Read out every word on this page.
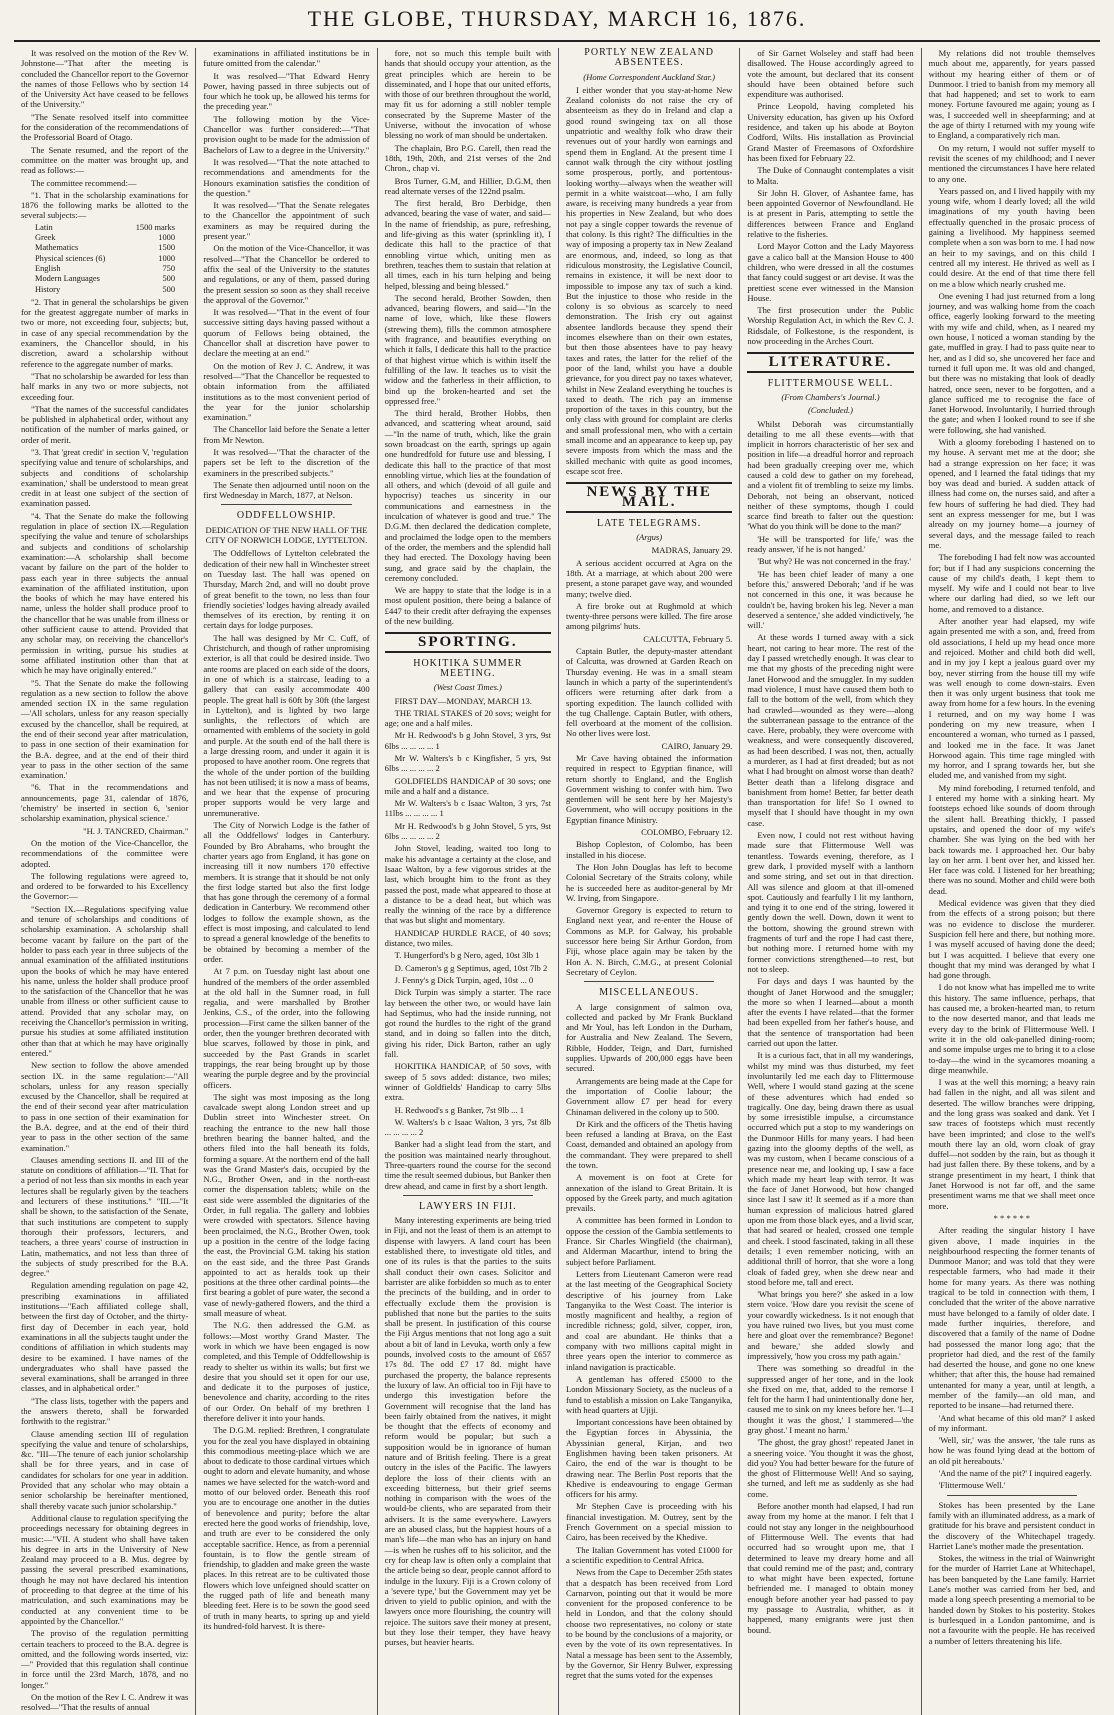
THE GLOBE, THURSDAY, MARCH 16, 1876.

It was resolved on the motion of the Rev W. Johnstone—"That after the meeting is concluded the Chancellor report to the Governor the names of those Fellows who by section 14 of the University Act have ceased to be fellows of the University."

"The Senate resolved itself into committee for the consideration of the recommendations of the Professorial Board of Otago.

The Senate resumed, and the report of the committee on the matter was brought up, and read as follows:—

The committee recommend:—

"1. That in the scholarship examinations for 1876 the following marks be allotted to the several subjects:—

Latin	1500 marks
Greek	1000
Mathematics	1500
Physical sciences (6)	1000
English	750
Modern Languages	500
History	500

"2. That in general the scholarships be given for the greatest aggregate number of marks in two or more, not exceeding four, subjects; but, in case of any special recommendation by the examiners, the Chancellor should, in his discretion, award a scholarship without reference to the aggregate number of marks.

"That no scholarship be awarded for less than half marks in any two or more subjects, not exceeding four.

"That the names of the successful candidates be published in alphabetical order, without any notification of the number of marks gained, or order of merit.

"3. That 'great credit' in section V, 'regulation specifying value and tenure of scholarships, and subjects and conditions of scholarship examination,' shall be understood to mean great credit in at least one subject of the section of examination passed.

"4. That the Senate do make the following regulation in place of section IX.—Regulation specifying the value and tenure of scholarships and subjects and conditions of scholarship examination:—A scholarship shall become vacant by failure on the part of the holder to pass each year in three subjects the annual examination of the affiliated institution, upon the books of which he may have entered his name, unless the holder shall produce proof to the chancellor that he was unable from illness or other sufficient cause to attend. Provided that any scholar may, on receiving the chancellor's permission in writing, pursue his studies at some affiliated institution other than that at which he may have originally entered."

"5. That the Senate do make the following regulation as a new section to follow the above amended section IX in the same regulation—'All scholars, unless for any reason specially excused by the chancellor, shall be required, at the end of their second year after matriculation, to pass in one section of their examination for the B.A. degree, and at the end of their third year to pass in the other section of the same examination.'

"6. That in the recommendations and announcements, page 31, calendar of 1876, 'chemistry' be inserted in section 6, 'senior scholarship examination, physical science.'

"H. J. TANCRED, Chairman."

On the motion of the Vice-Chancellor, the recommendations of the committee were adopted.

The following regulations were agreed to, and ordered to be forwarded to his Excellency the Governor:—

"Section IX.—Regulations specifying value and tenure of scholarships and conditions of scholarship examination. A scholarship shall become vacant by failure on the part of the holder to pass each year in three subjects of the annual examination of the affiliated institutions upon the books of which he may have entered his name, unless the holder shall produce proof to the satisfaction of the Chancellor that he was unable from illness or other sufficient cause to attend. Provided that any scholar may, on receiving the Chancellor's permission in writing, pursue his studies at some affiliated institution other than that at which he may have originally entered."

New section to follow the above amended section IX. in the same regulation:—"All scholars, unless for any reason specially excused by the Chancellor, shall be required at the end of their second year after matriculation to pass in one section of their examination for the B.A. degree, and at the end of their third year to pass in the other section of the same examination."

Clauses amending sections II. and III of the statute on conditions of affiliation—"II. That for a period of not less than six months in each year lectures shall be regularly given by the teachers and lecturers of these institutions." "III.—"It shall be shown, to the satisfaction of the Senate, that such institutions are competent to supply thorough their professors, lecturers, and teachers, a three years' course of instruction in Latin, mathematics, and not less than three of the subjects of study prescribed for the B.A. degree."

Regulation amending regulation on page 42, prescribing examinations in affiliated institutions—"Each affiliated college shall, between the first day of October, and the thirty-first day of December in each year, hold examinations in all the subjects taught under the conditions of affiliation in which students may desire to be examined. I have names of the undergraduates who shall have passed the several examinations, shall be arranged in three classes, and in alphabetical order."

"The class lists, together with the papers and the answers thereto, shall be forwarded forthwith to the registrar."

Clause amending section III of regulation specifying the value and tenure of scholarships, &c. "III—The tenure of each junior scholarship shall be for three years, and in case of candidates for scholars for one year in addition. Provided that any scholar who may obtain a senior scholarship be hereinafter mentioned, shall thereby vacate such junior scholarship."

Additional clause to regulation specifying the proceedings necessary for obtaining degrees in music:—"VII. A student who shall have taken his degree in arts in the University of New Zealand may proceed to a B. Mus. degree by passing the several prescribed examinations, though he may not have declared his intention of proceeding to that degree at the time of his matriculation, and such examinations may be conducted at any convenient time to be appointed by the Chancellor."

The proviso of the regulation permitting certain teachers to proceed to the B.A. degree is omitted, and the following words inserted, viz:—" Provided that this regulation shall continue in force until the 23rd March, 1878, and no longer."

On the motion of the Rev I. C. Andrew it was resolved—"That the results of annual

examinations in affiliated institutions be in future omitted from the calendar."

It was resolved—"That Edward Henry Power, having passed in three subjects out of four which he took up, be allowed his terms for the preceding year."

The following motion by the Vice-Chancellor was further considered:—"That provision ought to be made for the admission of Bachelors of Law to a degree in the University."

It was resolved—"That the note attached to recommendations and amendments for the Honours examination satisfies the condition of the question."

It was resolved—"That the Senate relegates to the Chancellor the appointment of such examiners as may be required during the present year."

On the motion of the Vice-Chancellor, it was resolved—"That the Chancellor be ordered to affix the seal of the University to the statutes and regulations, or any of them, passed during the present session so soon as they shall receive the approval of the Governor."

It was resolved—"That in the event of four successive sitting days having passed without a quorum of Fellows being obtained, the Chancellor shall at discretion have power to declare the meeting at an end."

On the motion of Rev J. C. Andrew, it was resolved—"That the Chancellor be requested to obtain information from the affiliated institutions as to the most convenient period of the year for the junior scholarship examination."

The Chancellor laid before the Senate a letter from Mr Newton.

It was resolved—"That the character of the papers set be left to the discretion of the examiners in the prescribed subjects."

The Senate then adjourned until noon on the first Wednesday in March, 1877, at Nelson.

ODDFELLOWSHIP.
DEDICATION OF THE NEW HALL OF THE CITY OF NORWICH LODGE, LYTTELTON.

The Oddfellows of Lyttelton celebrated the dedication of their new hall in Winchester street on Tuesday last. The hall was opened on Thursday, March 2nd, and will no doubt prove of great benefit to the town, no less than four friendly societies' lodges having already availed themselves of its erection, by renting it on certain days for lodge purposes.

The hall was designed by Mr C. Cuff, of Christchurch, and though of rather unpromising exterior, is all that could be desired inside. Two ante rooms are placed on each side of the doors, in one of which is a staircase, leading to a gallery that can easily accommodate 400 people. The great hall is 60ft by 30ft (the largest in Lyttelton), and is lighted by two large sunlights, the reflectors of which are ornamented with emblems of the society in gold and purple. At the south end of the hall there is a large dressing room, and under it again it is proposed to have another room. One regrets that the whole of the under portion of the building has not been utilised; it is now a mass of beams, and we hear that the expense of procuring proper supports would be very large and unremunerative.

The City of Norwich Lodge is the father of all the Oddfellows' lodges in Canterbury. Founded by Bro Abrahams, who brought the charter years ago from England, it has gone on increasing till it now numbers 170 effective members. It is strange that it should be not only the first lodge started but also the first lodge that has gone through the ceremony of a formal dedication in Canterbury. We recommend other lodges to follow the example shown, as the effect is most imposing, and calculated to lend to spread a general knowledge of the benefits to be obtained by becoming a member of the order.

At 7 p.m. on Tuesday night last about one hundred of the members of the order assembled at the old hall in the Sumner road, in full regalia, and were marshalled by Brother Jenkins, C.S., of the order, into the following procession—First came the silken banner of the order, then the younger brethren decorated with blue scarves, followed by those in pink, and succeeded by the Past Grands in scarlet trappings, the rear being brought up by those wearing the purple degree and by the provincial officers.

The sight was most imposing as the long cavalcade swept along London street and up Dublin street into Winchester street. On reaching the entrance to the new hall those brethren bearing the banner halted, and the others filed into the hall beneath its folds, forming a square. At the northern end of the hall was the Grand Master's dais, occupied by the N.G., Brother Owen, and in the north-east corner the dispensation tablets; while on the east side were assembled the dignitaries of the Order, in full regalia. The gallery and lobbies were crowded with spectators. Silence having been proclaimed, the N.G., Brother Owen, took up a position in the centre of the lodge facing the east, the Provincial G.M. taking his station on the east side, and the three Past Grands appointed to act as heralds took up their positions at the three other cardinal points—the first bearing a goblet of pure water, the second a vase of newly-gathered flowers, and the third a small measure of wheat.

The N.G. then addressed the G.M. as follows:—Most worthy Grand Master. The work in which we have been engaged is now completed, and this Temple of Oddfellowship is ready to shelter us within its walls; but first we desire that you should set it open for our use, and dedicate it to the purposes of justice, benevolence and charity, according to the rites of our Order. On behalf of my brethren I therefore deliver it into your hands.

The D.G.M. replied: Brethren, I congratulate you for the zeal you have displayed in obtaining this commodious meeting-place which we are about to dedicate to those cardinal virtues which ought to adorn and elevate humanity, and whose names we have selected for the watch-word and motto of our beloved order. Beneath this roof you are to encourage one another in the duties of benevolence and purity; before the altar erected here the good works of friendship, love, and truth are ever to be considered the only acceptable sacrifice. Hence, as from a perennial fountain, is to flow the gentle stream of friendship, to gladden and make green the waste places. In this retreat are to be cultivated those flowers which love unfeigned should scatter on the rugged path of life and beneath many bleeding feet. Here is to be sown the good seed of truth in many hearts, to spring up and yield its hundred-fold harvest. It is there-

fore, not so much this temple built with hands that should occupy your attention, as the great principles which are herein to be disseminated, and I hope that our united efforts, with those of our brethren throughout the world, may fit us for adorning a still nobler temple consecrated by the Supreme Master of the Universe, without the invocation of whose blessing no work of man should be undertaken.

The chaplain, Bro P.G. Carell, then read the 18th, 19th, 20th, and 21st verses of the 2nd Chron., chap vi.

Bros Turner, G.M, and Hillier, D.G.M, then read alternate verses of the 122nd psalm.

The first herald, Bro Derbidge, then advanced, bearing the vase of water, and said—In the name of friendship, as pure, refreshing, and life-giving as this water (sprinkling it), I dedicate this hall to the practice of that ennobling virtue which, uniting men as brethren, teaches them to sustain that relation at all times, each in his turn helping and being helped, blessing and being blessed."

The second herald, Brother Sowden, then advanced, bearing flowers, and said—"In the name of love, which, like these flowers (strewing them), fills the common atmosphere with fragrance, and beautifies everything on which it falls, I dedicate this hall to the practice of that highest virtue which is within itself the fulfilling of the law. It teaches us to visit the widow and the fatherless in their affliction, to bind up the broken-hearted and set the oppressed free."

The third herald, Brother Hobbs, then advanced, and scattering wheat around, said—"In the name of truth, which, like the grain sown broadcast on the earth, springs up again one hundredfold for future use and blessing, I dedicate this hall to the practice of that most ennobling virtue, which lies at the foundation of all others, and which (devoid of all guile and hypocrisy) teaches us sincerity in our communications and earnestness in the inculcation of whatever is good and true." The D.G.M. then declared the dedication complete, and proclaimed the lodge open to the members of the order, the members and the splendid hall they had erected. The Doxology having been sung, and grace said by the chaplain, the ceremony concluded.

We are happy to state that the lodge is in a most opulent position, there being a balance of £447 to their credit after defraying the expenses of the new building.

SPORTING.
HOKITIKA SUMMER MEETING.
(West Coast Times.)

FIRST DAY—MONDAY, MARCH 13.

THE TRIAL STAKES of 20 sovs; weight for age; one and a half miles.

Mr H. Redwood's b g John Stovel, 3 yrs, 9st 6lbs ... ... ... ... 1

Mr W. Walters's b c Kingfisher, 5 yrs, 9st 6lbs ... ... ... ... 2

GOLDFIELDS HANDICAP of 30 sovs; one mile and a half and a distance.

Mr W. Walters's b c Isaac Walton, 3 yrs, 7st 11lbs ... ... ... ... 1

Mr H. Redwood's b g John Stovel, 5 yrs, 9st 6lbs ... ... ... ... 2

John Stovel, leading, waited too long to make his advantage a certainty at the close, and Isaac Walton, by a few vigorous strides at the last, which brought him to the front as they passed the post, made what appeared to those at a distance to be a dead heat, but which was really the winning of the race by a difference that was but slight and momentary.

HANDICAP HURDLE RACE, of 40 sovs; distance, two miles.

T. Hungerford's b g Nero, aged, 10st 3lb 1

D. Cameron's g g Septimus, aged, 10st 7lb 2

J. Fenny's g Dick Turpin, aged, 10st ... 0

Dick Turpin was simply a starter. The race lay between the other two, or would have lain had Septimus, who had the inside running, not got round the hurdles to the right of the grand stand, and in doing so fallen into the ditch, giving his rider, Dick Barton, rather an ugly fall.

HOKITIKA HANDICAP, of 50 sovs, with sweep of 5 sovs added: distance, two miles; winner of Goldfields' Handicap to carry 5lbs extra.

H. Redwood's s g Banker, 7st 9lb ... 1

W. Walters's b c Isaac Walton, 3 yrs, 7st 8lb ... ... ... ... 2

Banker had a slight lead from the start, and the position was maintained nearly throughout. Three-quarters round the course for the second time the result seemed dubious, but Banker then drew ahead, and came in first by a short length.

LAWYERS IN FIJI.

Many interesting experiments are being tried in Fiji, and not the least of them is an attempt to dispense with lawyers. A land court has been established there, to investigate old titles, and one of its rules is that the parties to the suits shall conduct their own cases. Solicitor and barrister are alike forbidden so much as to enter the precincts of the building, and in order to effectually exclude them the provision is published that none but the parties to the suits shall be present. In justification of this course the Fiji Argus mentions that not long ago a suit about a bit of land in Levuka, worth only a few pounds, involved costs to the amount of £657 17s 8d. The odd £7 17 8d. might have purchased the property, the balance represents the luxury of law. An official too in Fiji have to undergo this investigation before the Government will recognise that the land has been fairly obtained from the natives, it might be thought that the effects of economy and reform would be popular; but such a supposition would be in ignorance of human nature and of British feeling. There is a great outcry in the isles of the Pacific. The lawyers deplore the loss of their clients with an exceeding bitterness, but their grief seems nothing in comparison with the woes of the would-be clients, who are separated from their advisers. It is the same everywhere. Lawyers are an abused class, but the happiest hours of a man's life—the man who has an injury on hand—is when he rushes off to his solicitor, and the cry for cheap law is often only a complaint that the article being so dear, people cannot afford to indulge in the luxury. Fiji is a Crown colony of a 'severe type,' but the Government may yet be driven to yield to public opinion, and with the lawyers once more flourishing, the country will rejoice. The suitors save their money at present, but they lose their temper, they have heavy purses, but heavier hearts.

PORTLY NEW ZEALAND ABSENTEES.
(Home Correspondent Auckland Star.)

I either wonder that you stay-at-home New Zealand colonists do not raise the cry of absenteeism as they do in Ireland and clap a good round swingeing tax on all those unpatriotic and wealthy folk who draw their revenues out of your hardly won earnings and spend them in England. At the present time I cannot walk through the city without jostling some prosperous, portly, and portentous-looking worthy—always when the weather will permit in a white waistcoat—who, I am fully aware, is receiving many hundreds a year from his properties in New Zealand, but who does not pay a single copper towards the revenue of that colony. Is this right? The difficulties in the way of imposing a property tax in New Zealand are enormous, and, indeed, so long as that ridiculous monstrosity, the Legislative Council, remains in existence, it will be next door to impossible to impose any tax of such a kind. But the injustice to those who reside in the colony is so obvious as scarcely to need demonstration. The Irish cry out against absentee landlords because they spend their incomes elsewhere than on their own estates, but then those absentees have to pay heavy taxes and rates, the latter for the relief of the poor of the land, whilst you have a double grievance, for you direct pay no taxes whatever, whilst in New Zealand everything he touches is taxed to death. The rich pay an immense proportion of the taxes in this country, but the only class with ground for complaint are clerks and small professional men, who with a certain small income and an appearance to keep up, pay severe imposts from which the mass and the skilled mechanic with quite as good incomes, escape scot free.

NEWS BY THE MAIL.
LATE TELEGRAMS.
(Argus)

MADRAS, January 29.

A serious accident occurred at Agra on the 18th. At a marriage, at which about 200 were present, a stone parapet gave way, and wounded many; twelve died.

A fire broke out at Rughmold at which twenty-three persons were killed. The fire arose among pilgrims' huts.

CALCUTTA, February 5.

Captain Butler, the deputy-master attendant of Calcutta, was drowned at Garden Reach on Thursday evening. He was in a small steam launch in which a party of the superintendent's officers were returning after dark from a sporting expedition. The launch collided with the tug Challenge. Captain Butler, with others, fell overboard at the moment of the collision. No other lives were lost.

CAIRO, January 29.

Mr Cave having obtained the information required in respect to Egyptian finance, will return shortly to England, and the English Government wishing to confer with him. Two gentlemen will be sent here by her Majesty's Government, who will occupy positions in the Egyptian finance Ministry.

COLOMBO, February 12.

Bishop Copleston, of Colombo, has been installed in his diocese.

The Hon John Douglas has left to become Colonial Secretary of the Straits colony, while he is succeeded here as auditor-general by Mr W. Irving, from Singapore.

Governor Gregory is expected to return to England next year, and re-enter the House of Commons as M.P. for Galway, his probable successor here being Sir Arthur Gordon, from Fiji, whose place again may be taken by the Hon A. N. Birch, C.M.G., at present Colonial Secretary of Ceylon.

MISCELLANEOUS.

A large consignment of salmon ova, collected and packed by Mr Frank Buckland and Mr Youl, has left London in the Durham, for Australia and New Zealand. The Severn, Ribble, Hodder, Teign, and Dart, furnished supplies. Upwards of 200,000 eggs have been secured.

Arrangements are being made at the Cape for the importation of Coolie labour; the Government allow £7 per head for every Chinaman delivered in the colony up to 500.

Dr Kirk and the officers of the Thetis having been refused a landing at Brava, on the East Coast, demanded and obtained an apology from the commandant. They were prepared to shell the town.

A movement is on foot at Crete for annexation of the island to Great Britain. It is opposed by the Greek party, and much agitation prevails.

A committee has been formed in London to oppose the cession of the Gambia settlements to France. Sir Charles Wingfield (the chairman), and Alderman Macarthur, intend to bring the subject before Parliament.

Letters from Lieutenant Cameron were read at the last meeting of the Geographical Society descriptive of his journey from Lake Tanganyika to the West Coast. The interior is mostly magnificent and healthy, a region of incredible richness; gold, silver, copper, iron, and coal are abundant. He thinks that a company with two millions capital might in three years open the interior to commerce as inland navigation is practicable.

A gentleman has offered £5000 to the London Missionary Society, as the nucleus of a fund to establish a mission on Lake Tanganyika, with head quarters at Ujiji.

Important concessions have been obtained by the Egyptian forces in Abyssinia, the Abyssinian general, Kirjan, and two Englishmen having been taken prisoners. At Cairo, the end of the war is thought to be drawing near. The Berlin Post reports that the Khedive is endeavouring to engage German officers for his army.

Mr Stephen Cave is proceeding with his financial investigation. M. Outrey, sent by the French Government on a special mission to Cairo, has been received by the Khedive.

The Italian Government has voted £1000 for a scientific expedition to Central Africa.

News from the Cape to December 25th states that a despatch has been received from Lord Carnarvon, pointing out that it would be more convenient for the proposed conference to be held in London, and that the colony should choose two representatives, no colony or state to be bound by the conclusions of a majority, or even by the vote of its own representatives. In Natal a message has been sent to the Assembly, by the Governor, Sir Henry Bulwer, expressing regret that the sums voted for the expenses

of Sir Garnet Wolseley and staff had been disallowed. The House accordingly agreed to vote the amount, but declared that its consent should have been obtained before such expenditure was authorised.

Prince Leopold, having completed his University education, has given up his Oxford residence, and taken up his abode at Boyton Codford, Wilts. His installation as Provincial Grand Master of Freemasons of Oxfordshire has been fixed for February 22.

The Duke of Connaught contemplates a visit to Malta.

Sir John H. Glover, of Ashantee fame, has been appointed Governor of Newfoundland. He is at present in Paris, attempting to settle the differences between France and England relative to the fisheries.

Lord Mayor Cotton and the Lady Mayoress gave a calico ball at the Mansion House to 400 children, who were dressed in all the costumes that fancy could suggest or art devise. It was the prettiest scene ever witnessed in the Mansion House.

The first prosecution under the Public Worship Regulation Act, in which the Rev C. J. Ridsdale, of Folkestone, is the respondent, is now proceeding in the Arches Court.

LITERATURE.
FLITTERMOUSE WELL.
(From Chambers's Journal.)
(Concluded.)

Whilst Deborah was circumstantially detailing to me all these events—with that implicit in horrors characteristic of her sex and position in life—a dreadful horror and reproach had been gradually creeping over me, which caused a cold dew to gather on my forehead, and a violent fit of trembling to seize my limbs. Deborah, not being an observant, noticed neither of these symptoms, though I could scarce find breath to falter out the question: 'What do you think will be done to the man?'

'He will be transported for life,' was the ready answer, 'if he is not hanged.'

'But why? He was not concerned in the fray.'

'He has been chief leader of many a one before this,' answered Deborah; 'and if he was not concerned in this one, it was because he couldn't be, having broken his leg. Never a man deserved a sentence,' she added vindictively, 'he will.'

At these words I turned away with a sick heart, not caring to hear more. The rest of the day I passed wretchedly enough. It was clear to me that my ghosts of the preceding night were Janet Horwood and the smuggler. In my sudden mad violence, I must have caused them both to fall to the bottom of the well, from which they had crawled—wounded as they were—along the subterranean passage to the entrance of the cave. Here, probably, they were overcome with weakness, and were consequently discovered, as had been described. I was not, then, actually a murderer, as I had at first dreaded; but as not what I had brought on almost worse than death? Better death than a lifelong disgrace and banishment from home! Better, far better death than transportation for life! So I owned to myself that I should have thought in my own case.

Even now, I could not rest without having made sure that Flittermouse Well was tenantless. Towards evening, therefore, as I grew dark, I provided myself with a lanthorn and some string, and set out in that direction. All was silence and gloom at that ill-omened spot. Cautiously and fearfully I lit my lanthorn, and tying it to one end of the string, lowered it gently down the well. Down, down it went to the bottom, showing the ground strewn with fragments of turf and the rope I had cast there, but nothing more. I returned home with my former convictions strengthened—to rest, but not to sleep.

For days and days I was haunted by the thought of Janet Horwood and the smuggler; the more so when I learned—about a month after the events I have related—that the former had been expelled from her father's house, and that the sentence of transportation had been carried out upon the latter.

It is a curious fact, that in all my wanderings, whilst my mind was thus disturbed, my feet involuntarily led me each day to Flittermouse Well, where I would stand gazing at the scene of these adventures which had ended so tragically. One day, being drawn there as usual by some irresistible impulse, a circumstance occurred which put a stop to my wanderings on the Dunmoor Hills for many years. I had been gazing into the gloomy depths of the well, as was my custom, when I became conscious of a presence near me, and looking up, I saw a face which made my heart leap with terror. It was the face of Janet Horwood, but how changed since last I saw it! It seemed as if a more than human expression of malicious hatred glared upon me from those black eyes, and a livid scar, that had seared or healed, crossed one temple and cheek. I stood fascinated, taking in all these details; I even remember noticing, with an additional thrill of horror, that she wore a long cloak of faded grey, when she drew near and stood before me, tall and erect.

'What brings you here?' she asked in a low stern voice. 'How dare you revisit the scene of your cowardly wickedness. Is it not enough that you have ruined two lives, but you must come here and gloat over the remembrance? Begone! and beware,' she added slowly and impressively, 'how you cross my path again.'

There was something so dreadful in the suppressed anger of her tone, and in the look she fixed on me, that, added to the remorse I felt for the harm I had unintentionally done her, caused me to sink on my knees before her. 'I—I thought it was the ghost,' I stammered—'the gray ghost.' I meant no harm.'

'The ghost, the gray ghost!' repeated Janet in a sneering voice. 'You thought it was the ghost, did you? You had better beware for the future of the ghost of Flittermouse Well! And so saying, she turned, and left me as suddenly as she had come.

Before another month had elapsed, I had run away from my home at the manor. I felt that I could not stay any longer in the neighbourhood of Flittermouse Well. The events that had occurred had so wrought upon me, that I determined to leave my dreary home and all that could remind me of the past; and, contrary to what might have been expected, fortune befriended me. I managed to obtain money enough before another year had passed to pay my passage to Australia, whither, as it happened, many emigrants were just then bound.

My relations did not trouble themselves much about me, apparently, for years passed without my hearing either of them or of Dunmoor. I tried to banish from my memory all that had happened; and set to work to earn money. Fortune favoured me again; young as I was, I succeeded well in sheepfarming; and at the age of thirty I returned with my young wife to England, a comparatively rich man.

On my return, I would not suffer myself to revisit the scenes of my childhood; and I never mentioned the circumstances I have here related to any one.

Years passed on, and I lived happily with my young wife, whom I dearly loved; all the wild imaginations of my youth having been effectually quenched in the prosaic process of gaining a livelihood. My happiness seemed complete when a son was born to me. I had now an heir to my savings, and on this child I centred all my interest. He thrived as well as I could desire. At the end of that time there fell on me a blow which nearly crushed me.

One evening I had just returned from a long journey, and was walking home from the coach office, eagerly looking forward to the meeting with my wife and child, when, as I neared my own house, I noticed a woman standing by the gate, muffled in gray. I had to pass quite near to her, and as I did so, she uncovered her face and turned it full upon me. It was old and changed, but there was no mistaking that look of deadly hatred, once seen, never to be forgotten, and a glance sufficed me to recognise the face of Janet Horwood. Involuntarily, I hurried through the gate; and when I looked round to see if she were following, she had vanished.

With a gloomy foreboding I hastened on to my house. A servant met me at the door; she had a strange expression on her face; it was opened, and I learned the fatal tidings that my boy was dead and buried. A sudden attack of illness had come on, the nurses said, and after a few hours of suffering he had died. They had sent an express messenger for me, but I was already on my journey home—a journey of several days, and the message failed to reach me.

The foreboding I had felt now was accounted for; but if I had any suspicions concerning the cause of my child's death, I kept them to myself. My wife and I could not bear to live where our darling had died, so we left our home, and removed to a distance.

After another year had elapsed, my wife again presented me with a son, and, freed from old associations, I held up my head once more and rejoiced. Mother and child both did well, and in my joy I kept a jealous guard over my boy, never stirring from the house till my wife was well enough to come down-stairs. Even then it was only urgent business that took me away from home for a few hours. In the evening I returned, and on my way home I was pondering on my new treasure, when I encountered a woman, who turned as I passed, and looked me in the face. It was Janet Horwood again. This time rage mingled with my horror, and I sprang towards her, but she eluded me, and vanished from my sight.

My mind foreboding, I returned tenfold, and I entered my home with a sinking heart. My footsteps echoed like sounds of doom through the silent hall. Breathing thickly, I passed upstairs, and opened the door of my wife's chamber. She was lying on the bed with her back towards me. I approached her. Our baby lay on her arm. I bent over her, and kissed her. Her face was cold. I listened for her breathing; there was no sound. Mother and child were both dead.

Medical evidence was given that they died from the effects of a strong poison; but there was no evidence to disclose the murderer. Suspicion fell here and there, but nothing more. I was myself accused of having done the deed; but I was acquitted. I believe that every one thought that my mind was deranged by what I had gone through.

I do not know what has impelled me to write this history. The same influence, perhaps, that has caused me, a broken-hearted man, to return to the now deserted manor, and that leads me every day to the brink of Flittermouse Well. I write it in the old oak-panelled dining-room; and some impulse urges me to bring it to a close to-day—the wind in the sycamores moaning a dirge meanwhile.

I was at the well this morning; a heavy rain had fallen in the night, and all was silent and deserted. The willow branches were dripping, and the long grass was soaked and dank. Yet I saw traces of footsteps which must recently have been imprinted; and close to the well's mouth there lay an old, worn cloak of gray duffel—not sodden by the rain, but as though it had just fallen there. By these tokens, and by a strange presentiment in my heart, I think that Janet Horwood is not far off, and the same presentiment warns me that we shall meet once more.

* * * * * *

After reading the singular history I have given above, I made inquiries in the neighbourhood respecting the former tenants of Dunmoor Manor; and was told that they were respectable farmers, who had made it their home for many years. As there was nothing tragical to be told in connection with them, I concluded that the writer of the above narrative must have belonged to a family of older date. I made further inquiries, therefore, and discovered that a family of the name of Dodne had possessed the manor long ago; that the proprietor had died, and the rest of the family had deserted the house, and gone no one knew whither; that after this, the house had remained untenanted for many a year, until at length, a member of the family—an old man, and reported to be insane—had returned there.

'And what became of this old man?' I asked of my informant.

'Well, sir,' was the answer, 'the tale runs as how he was found lying dead at the bottom of an old pit hereabouts.'

'And the name of the pit?' I inquired eagerly.

'Flittermouse Well.'

Stokes has been presented by the Lane family with an illuminated address, as a mark of gratitude for his brave and persistent conduct in the discovery of the Whitechapel tragedy. Harriet Lane's mother made the presentation.

Stokes, the witness in the trial of Wainwright for the murder of Harriet Lane at Whitechapel, has been banqueted by the Lane family. Harriet Lane's mother was carried from her bed, and made a long speech presenting a memorial to be handed down by Stokes to his posterity. Stokes is burlesqued in a London pantomime, and is not a favourite with the people. He has received a number of letters threatening his life.
